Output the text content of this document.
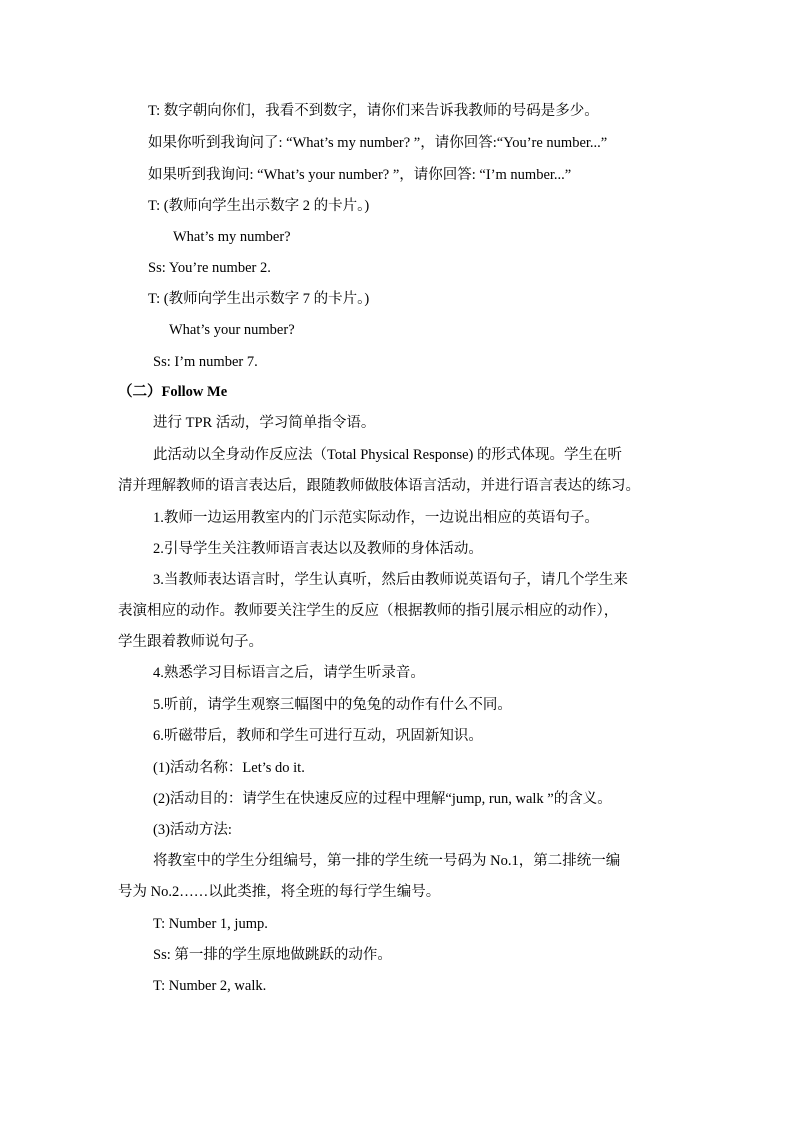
T: 数字朝向你们，我看不到数字，请你们来告诉我教师的号码是多少。
如果你听到我询问了: “What’s my number? ”，请你回答:“You’re number...”
如果听到我询问: “What’s your number? ”，请你回答: “I’m number...”
T: (教师向学生出示数字 2 的卡片。)
What’s my number?
Ss: You’re number 2.
T: (教师向学生出示数字 7 的卡片。)
What’s your number?
Ss: I’m number 7.
（二）Follow Me
进行 TPR 活动，学习简单指令语。
此活动以全身动作反应法（Total Physical Response) 的形式体现。学生在听
清并理解教师的语言表达后，跟随教师做肢体语言活动，并进行语言表达的练习。
1.教师一边运用教室内的门示范实际动作，一边说出相应的英语句子。
2.引导学生关注教师语言表达以及教师的身体活动。
3.当教师表达语言时，学生认真听，然后由教师说英语句子，请几个学生来
表演相应的动作。教师要关注学生的反应（根据教师的指引展示相应的动作），
学生跟着教师说句子。
4.熟悉学习目标语言之后，请学生听录音。
5.听前，请学生观察三幅图中的兔兔的动作有什么不同。
6.听磁带后，教师和学生可进行互动，巩固新知识。
(1)活动名称：Let’s do it.
(2)活动目的：请学生在快速反应的过程中理解“jump, run, walk ”的含义。
(3)活动方法:
将教室中的学生分组编号，第一排的学生统一号码为 No.1，第二排统一编
号为 No.2……以此类推，将全班的每行学生编号。
T: Number 1, jump.
Ss: 第一排的学生原地做跳跃的动作。
T: Number 2, walk.
